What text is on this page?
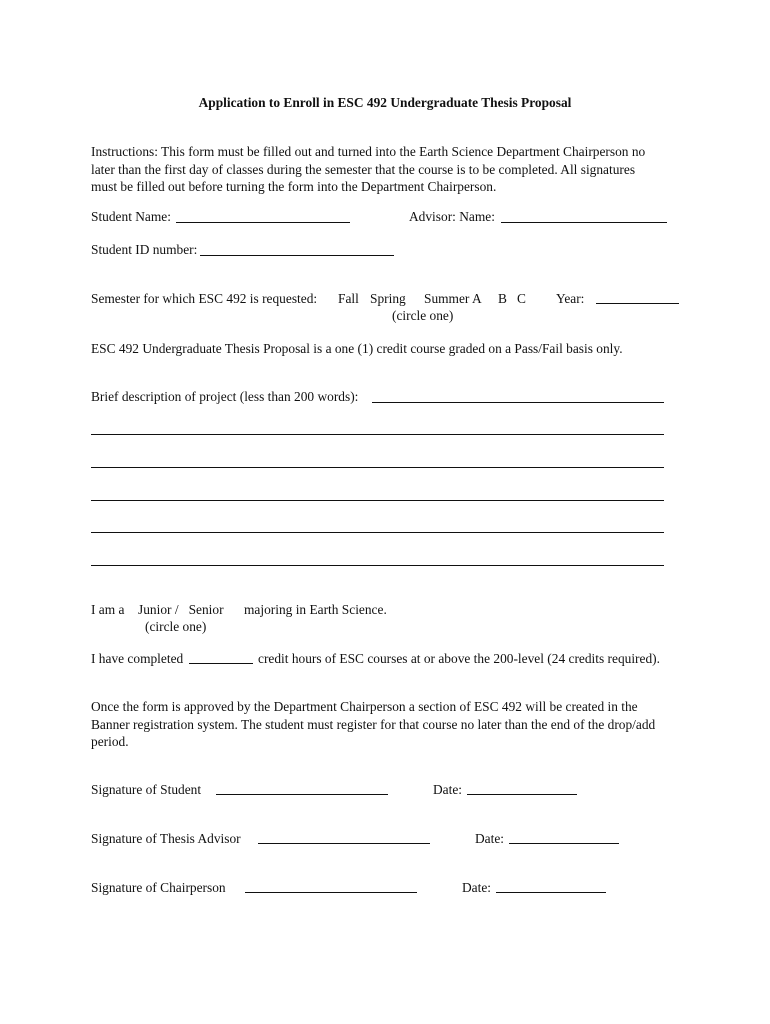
Application to Enroll in ESC 492 Undergraduate Thesis Proposal
Instructions: This form must be filled out and turned into the Earth Science Department Chairperson no
later than the first day of classes during the semester that the course is to be completed. All signatures
must be filled out before turning the form into the Department Chairperson.
Student Name:	Advisor: Name:
Student ID number:
Semester for which ESC 492 is requested: Fall Spring Summer A B C
(circle one)
Year:
ESC 492 Undergraduate Thesis Proposal is a one (1) credit course graded on a Pass/Fail basis only.
Brief description of project (less than 200 words):
I am a Junior /   Senior majoring in Earth Science.
(circle one)
I have completed	credit hours of ESC courses at or above the 200-level (24 credits required).
Once the form is approved by the Department Chairperson a section of ESC 492 will be created in the
Banner registration system. The student must register for that course no later than the end of the drop/add
period.
Signature of Student	Date:
Signature of Thesis Advisor	Date:
Signature of Chairperson	Date:
